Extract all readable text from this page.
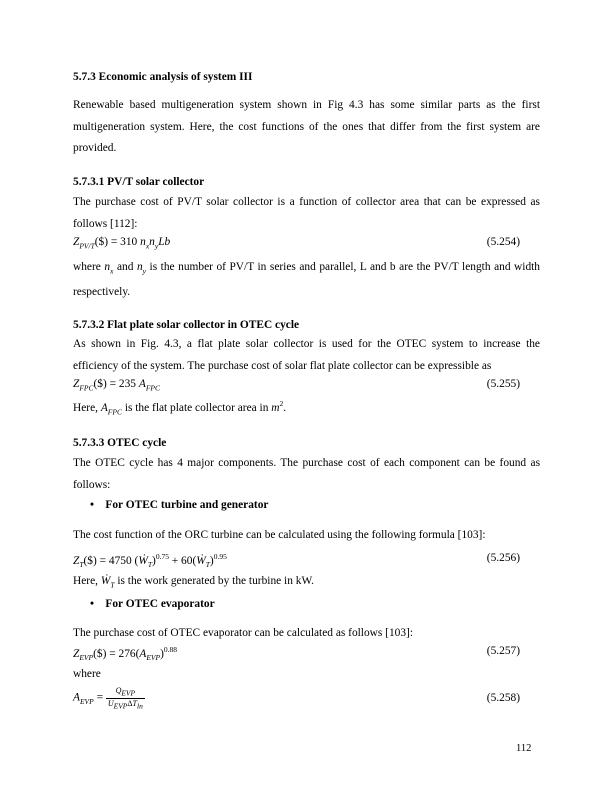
5.7.3 Economic analysis of system III
Renewable based multigeneration system shown in Fig 4.3 has some similar parts as the first multigeneration system. Here, the cost functions of the ones that differ from the first system are provided.
5.7.3.1 PV/T solar collector
The purchase cost of PV/T solar collector is a function of collector area that can be expressed as follows [112]:
$Z_{PV/T}(\$) = 310$ $n_xn_yLb$	(5.254)
where $n_x$ and $n_y$ is the number of PV/T in series and parallel, L and b are the PV/T length and width respectively.
5.7.3.2 Flat plate solar collector in OTEC cycle
As shown in Fig. 4.3, a flat plate solar collector is used for the OTEC system to increase the efficiency of the system. The purchase cost of solar flat plate collector can be expressible as
$Z_{FPC}(\$) = 235$ $A_{FPC}$	(5.255)
Here, $A_{FPC}$ is the flat plate collector area in $m^2$.
5.7.3.3 OTEC cycle
The OTEC cycle has 4 major components. The purchase cost of each component can be found as follows:
•    For OTEC turbine and generator
The cost function of the ORC turbine can be calculated using the following formula [103]:
$Z_T(\$) = 4750$ (Ẇ$_T$)$^{0.75}$ + 60(Ẇ$_T$)$^{0.95}$	(5.256)
Here, Ẇ$_T$ is the work generated by the turbine in kW.
•    For OTEC evaporator
The purchase cost of OTEC evaporator can be calculated as follows [103]:
$Z_{EVP}(\$) = 276(A_{EVP})^{0.88}$	(5.257)
where
$A_{EVP} = \frac{Q_{EVP}}{U_{EVP}\Delta T_{ln}}$	(5.258)
112
